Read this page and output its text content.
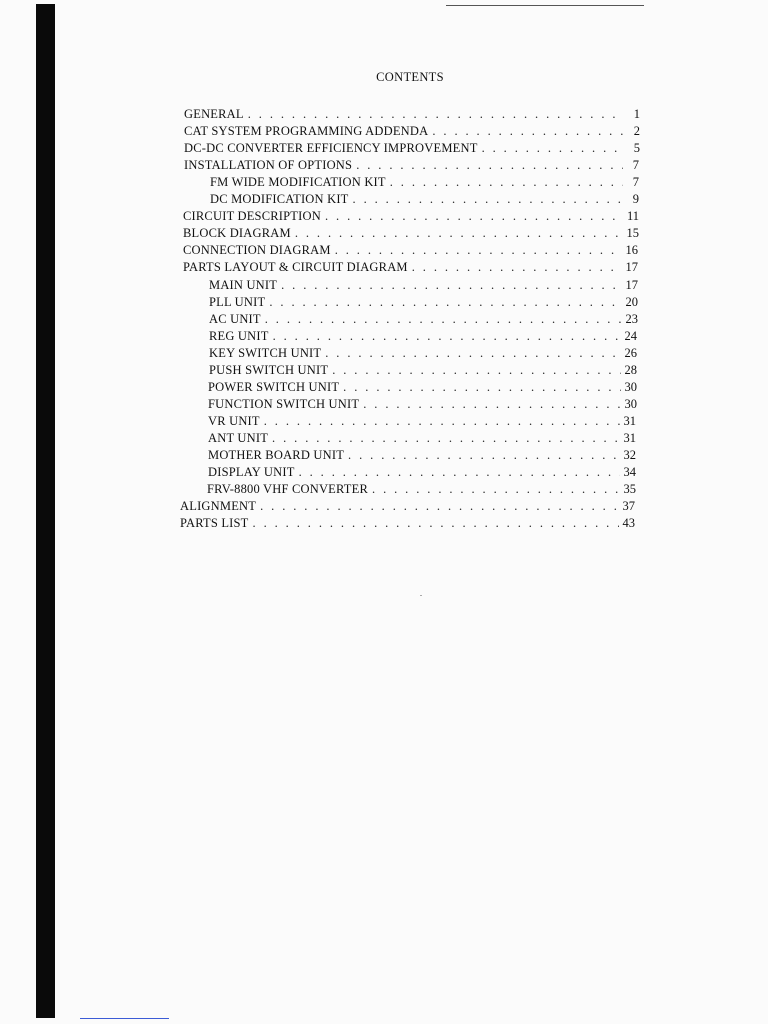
CONTENTS
GENERAL . . .	1
CAT SYSTEM PROGRAMMING ADDENDA . . .	2
DC-DC CONVERTER EFFICIENCY IMPROVEMENT . . .	5
INSTALLATION OF OPTIONS . . .	7
FM WIDE MODIFICATION KIT . . .	7
DC MODIFICATION KIT . . .	9
CIRCUIT DESCRIPTION . . .	11
BLOCK DIAGRAM . . .	15
CONNECTION DIAGRAM . . .	16
PARTS LAYOUT & CIRCUIT DIAGRAM . . .	17
MAIN UNIT . . .	17
PLL UNIT . . .	20
AC UNIT . . .	23
REG UNIT . . .	24
KEY SWITCH UNIT . . .	26
PUSH SWITCH UNIT . . .	28
POWER SWITCH UNIT . . .	30
FUNCTION SWITCH UNIT . . .	30
VR UNIT . . .	31
ANT UNIT . . .	31
MOTHER BOARD UNIT . . .	32
DISPLAY UNIT . . .	34
FRV-8800 VHF CONVERTER . . .	35
ALIGNMENT . . .	37
PARTS LIST . . .	43
